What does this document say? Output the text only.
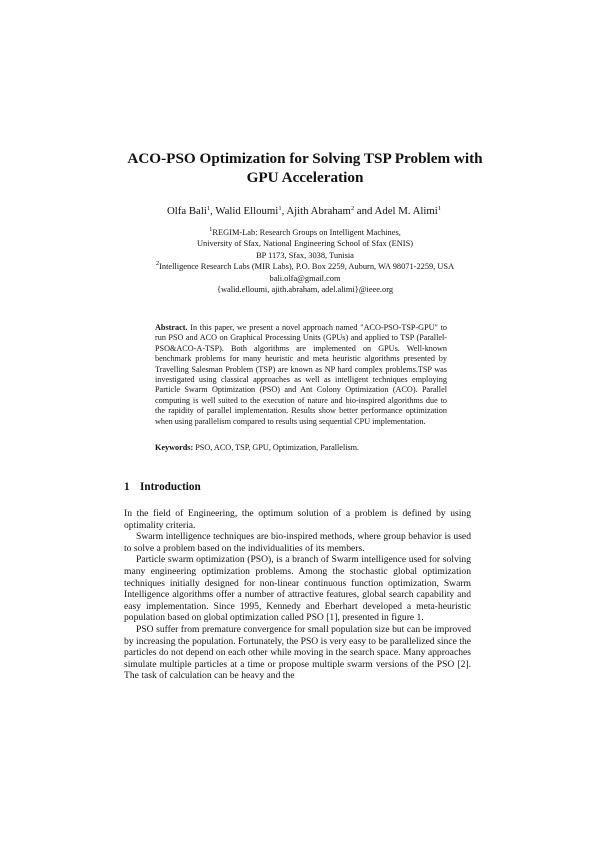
ACO-PSO Optimization for Solving TSP Problem with
GPU Acceleration
Olfa Bali$^1$, Walid Elloumi$^1$, Ajith Abraham$^2$ and Adel M. Alimi$^1$
$^1$REGIM-Lab: Research Groups on Intelligent Machines,
University of Sfax, National Engineering School of Sfax (ENIS)
BP 1173, Sfax, 3038, Tunisia
$^2$Intelligence Research Labs (MIR Labs), P.O. Box 2259, Auburn, WA 98071-2259, USA
bali.olfa@gmail.com
{walid.elloumi, ajith.abraham, adel.alimi}@ieee.org
Abstract. In this paper, we present a novel approach named "ACO-PSO-TSP-GPU" to run PSO and ACO on Graphical Processing Units (GPUs) and applied to TSP (Parallel-PSO&ACO-A-TSP). Both algorithms are implemented on GPUs. Well-known benchmark problems for many heuristic and meta heuristic algorithms presented by Travelling Salesman Problem (TSP) are known as NP hard complex problems.TSP was investigated using classical approaches as well as intelligent techniques employing Particle Swarm Optimization (PSO) and Ant Colony Optimization (ACO). Parallel computing is well suited to the execution of nature and bio-inspired algorithms due to the rapidity of parallel implementation. Results show better performance optimization when using parallelism compared to results using sequential CPU implementation.
Keywords: PSO, ACO, TSP, GPU, Optimization, Parallelism.
1 Introduction

In the field of Engineering, the optimum solution of a problem is defined by using optimality criteria.

Swarm intelligence techniques are bio-inspired methods, where group behavior is used to solve a problem based on the individualities of its members.

Particle swarm optimization (PSO), is a branch of Swarm intelligence used for solving many engineering optimization problems. Among the stochastic global optimization techniques initially designed for non-linear continuous function optimization, Swarm Intelligence algorithms offer a number of attractive features, global search capability and easy implementation. Since 1995, Kennedy and Eberhart developed a meta-heuristic population based on global optimization called PSO [1], presented in figure 1.

PSO suffer from premature convergence for small population size but can be improved by increasing the population. Fortunately, the PSO is very easy to be parallelized since the particles do not depend on each other while moving in the search space. Many approaches simulate multiple particles at a time or propose multiple swarm versions of the PSO [2]. The task of calculation can be heavy and the
